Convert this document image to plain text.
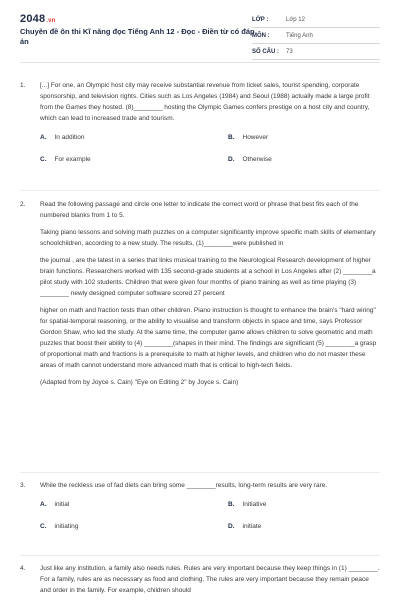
2048.vn
Chuyên đề ôn thi Kĩ năng đọc Tiếng Anh 12 - Đọc - Điền từ có đáp án
LỚP :	Lớp 12
MÔN :	Tiếng Anh
SỐ CÂU :	73
1.	[...] For one, an Olympic host city may receive substantial revenue from ticket sales, tourist spending, corporate sponsorship, and television rights. Cities such as Los Angeles (1984) and Seoul (1988) actually made a large profit from the Games they hosted. (8)________ hosting the Olympic Games confers prestige on a host city and country, which can lead to increased trade and tourism.
A. In addition	B. However
C. For example	D. Otherwise
2.	Read the following passage and circle one letter to indicate the correct word or phrase that best fits each of the numbered blanks from 1 to 5.
Taking piano lessons and solving math puzzles on a computer significantly improve specific math skills of elementary schoolchildren, according to a new study. The results, (1)________were published in
the journal , are the latest in a series that links musical training to the Neurological Research development of higher brain functions. Researchers worked with 135 second-grade students at a school in Los Angeles after (2) ________a pilot study with 102 students. Children that were given four months of piano training as well as time playing (3) ________ newly designed computer software scored 27 percent
higher on math and fraction tests than other children. Piano instruction is thought to enhance the brain's "hard wiring" for spatial-temporal reasoning, or the ability to visualise and transform objects in space and time, says Professor Gordon Shaw, who led the study. At the same time, the computer game allows children to solve geometric and math puzzles that boost their ability to (4) ________(shapes in their mind. The findings are significant (5) ________a grasp of proportional math and fractions is a prerequisite to math at higher levels, and children who do not master these areas of math cannot understand more advanced math that is critical to high-tech fields.
(Adapted from by Joyce s. Cain) "Eye on Editing 2" by Joyce s. Cain)
3.	While the reckless use of fad diets can bring some ________results, long-term results are very rare.
A. initial	B. Initiative
C. initiating	D. initiate
4.	Just like any institution, a family also needs rules. Rules are very important because they keep things in (1) ________. For a family, rules are as necessary as food and clothing. The rules are very important because they remain peace and order in the family. For example, children should
